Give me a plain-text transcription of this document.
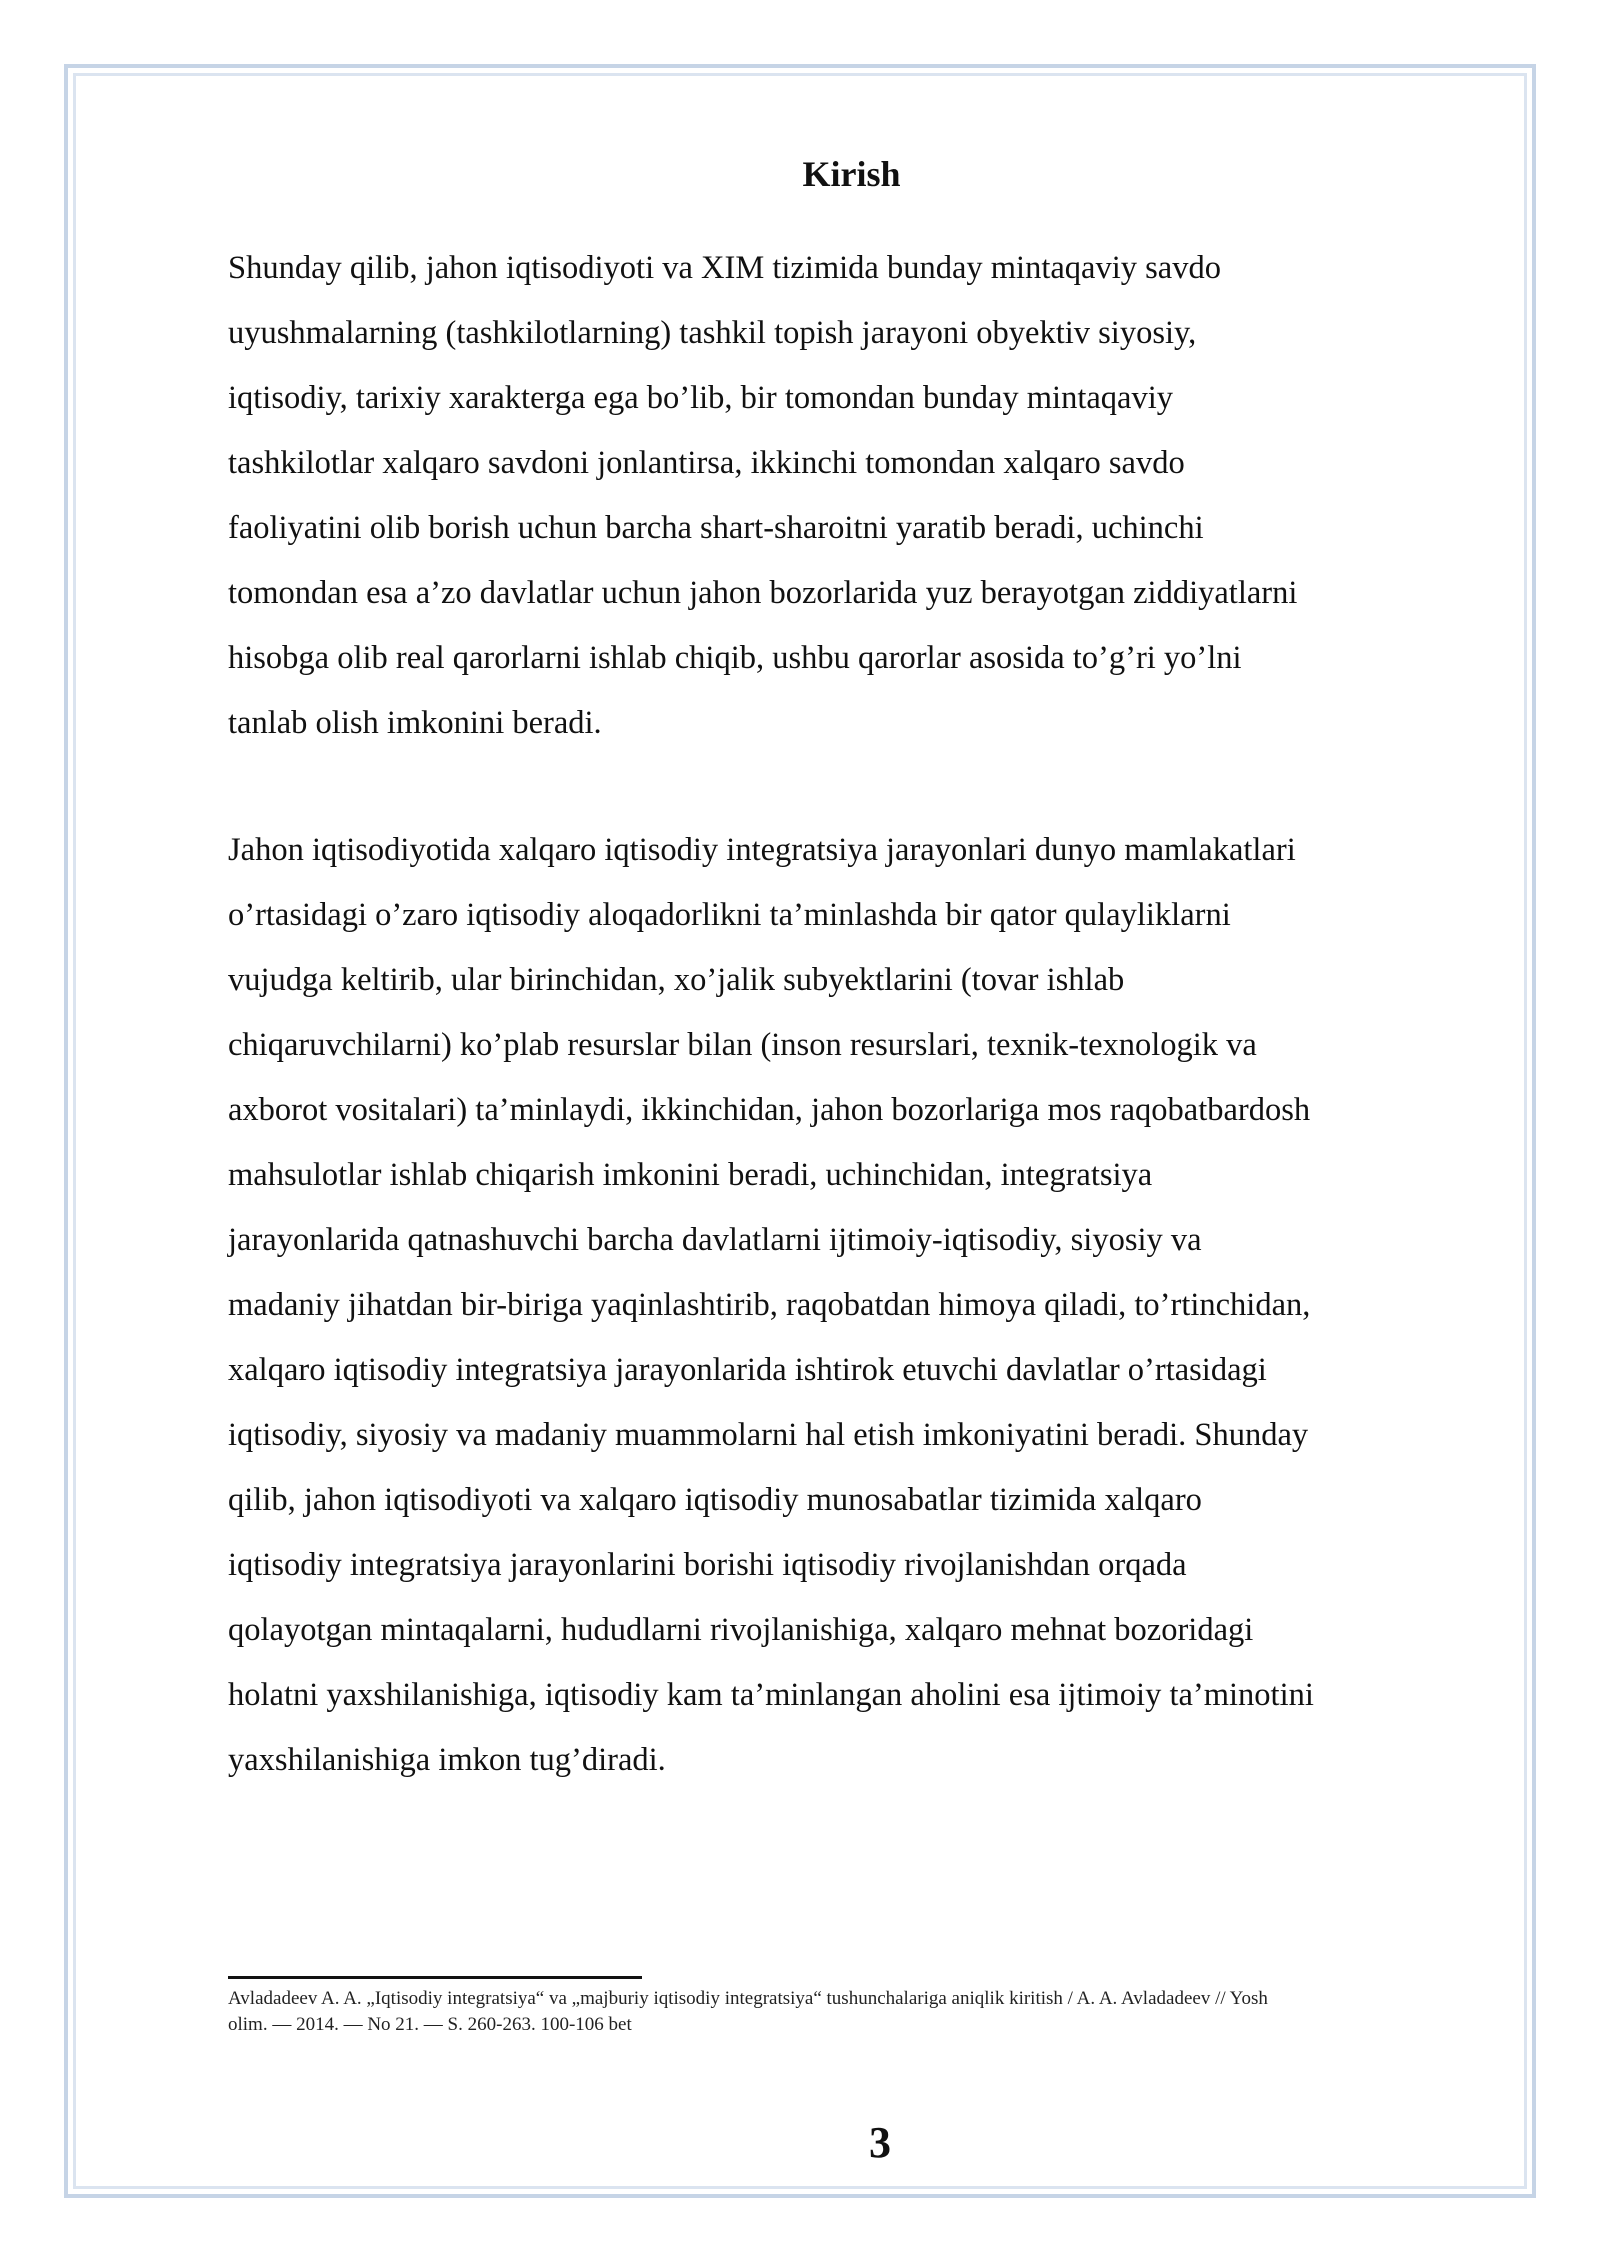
Kirish

Shunday qilib, jahon iqtisodiyoti va XIM tizimida bunday mintaqaviy savdo
uyushmalarning (tashkilotlarning) tashkil topish jarayoni obyektiv siyosiy,
iqtisodiy, tarixiy xarakterga ega bo’lib, bir tomondan bunday mintaqaviy
tashkilotlar xalqaro savdoni jonlantirsa, ikkinchi tomondan xalqaro savdo
faoliyatini olib borish uchun barcha shart-sharoitni yaratib beradi, uchinchi
tomondan esa a’zo davlatlar uchun jahon bozorlarida yuz berayotgan ziddiyatlarni
hisobga olib real qarorlarni ishlab chiqib, ushbu qarorlar asosida to’g’ri yo’lni
tanlab olish imkonini beradi.

Jahon iqtisodiyotida xalqaro iqtisodiy integratsiya jarayonlari dunyo mamlakatlari
o’rtasidagi o’zaro iqtisodiy aloqadorlikni ta’minlashda bir qator qulayliklarni
vujudga keltirib, ular birinchidan, xo’jalik subyektlarini (tovar ishlab
chiqaruvchilarni) ko’plab resurslar bilan (inson resurslari, texnik-texnologik va
axborot vositalari) ta’minlaydi, ikkinchidan, jahon bozorlariga mos raqobatbardosh
mahsulotlar ishlab chiqarish imkonini beradi, uchinchidan, integratsiya
jarayonlarida qatnashuvchi barcha davlatlarni ijtimoiy-iqtisodiy, siyosiy va
madaniy jihatdan bir-biriga yaqinlashtirib, raqobatdan himoya qiladi, to’rtinchidan,
xalqaro iqtisodiy integratsiya jarayonlarida ishtirok etuvchi davlatlar o’rtasidagi
iqtisodiy, siyosiy va madaniy muammolarni hal etish imkoniyatini beradi. Shunday
qilib, jahon iqtisodiyoti va xalqaro iqtisodiy munosabatlar tizimida xalqaro
iqtisodiy integratsiya jarayonlarini borishi iqtisodiy rivojlanishdan orqada
qolayotgan mintaqalarni, hududlarni rivojlanishiga, xalqaro mehnat bozoridagi
holatni yaxshilanishiga, iqtisodiy kam ta’minlangan aholini esa ijtimoiy ta’minotini
yaxshilanishiga imkon tug’diradi.

Avladadeev A. A. „Iqtisodiy integratsiya“ va „majburiy iqtisodiy integratsiya“ tushunchalariga aniqlik kiritish / A. A. Avladadeev // Yosh
olim. — 2014. — No 21. — S. 260-263. 100-106 bet

3
